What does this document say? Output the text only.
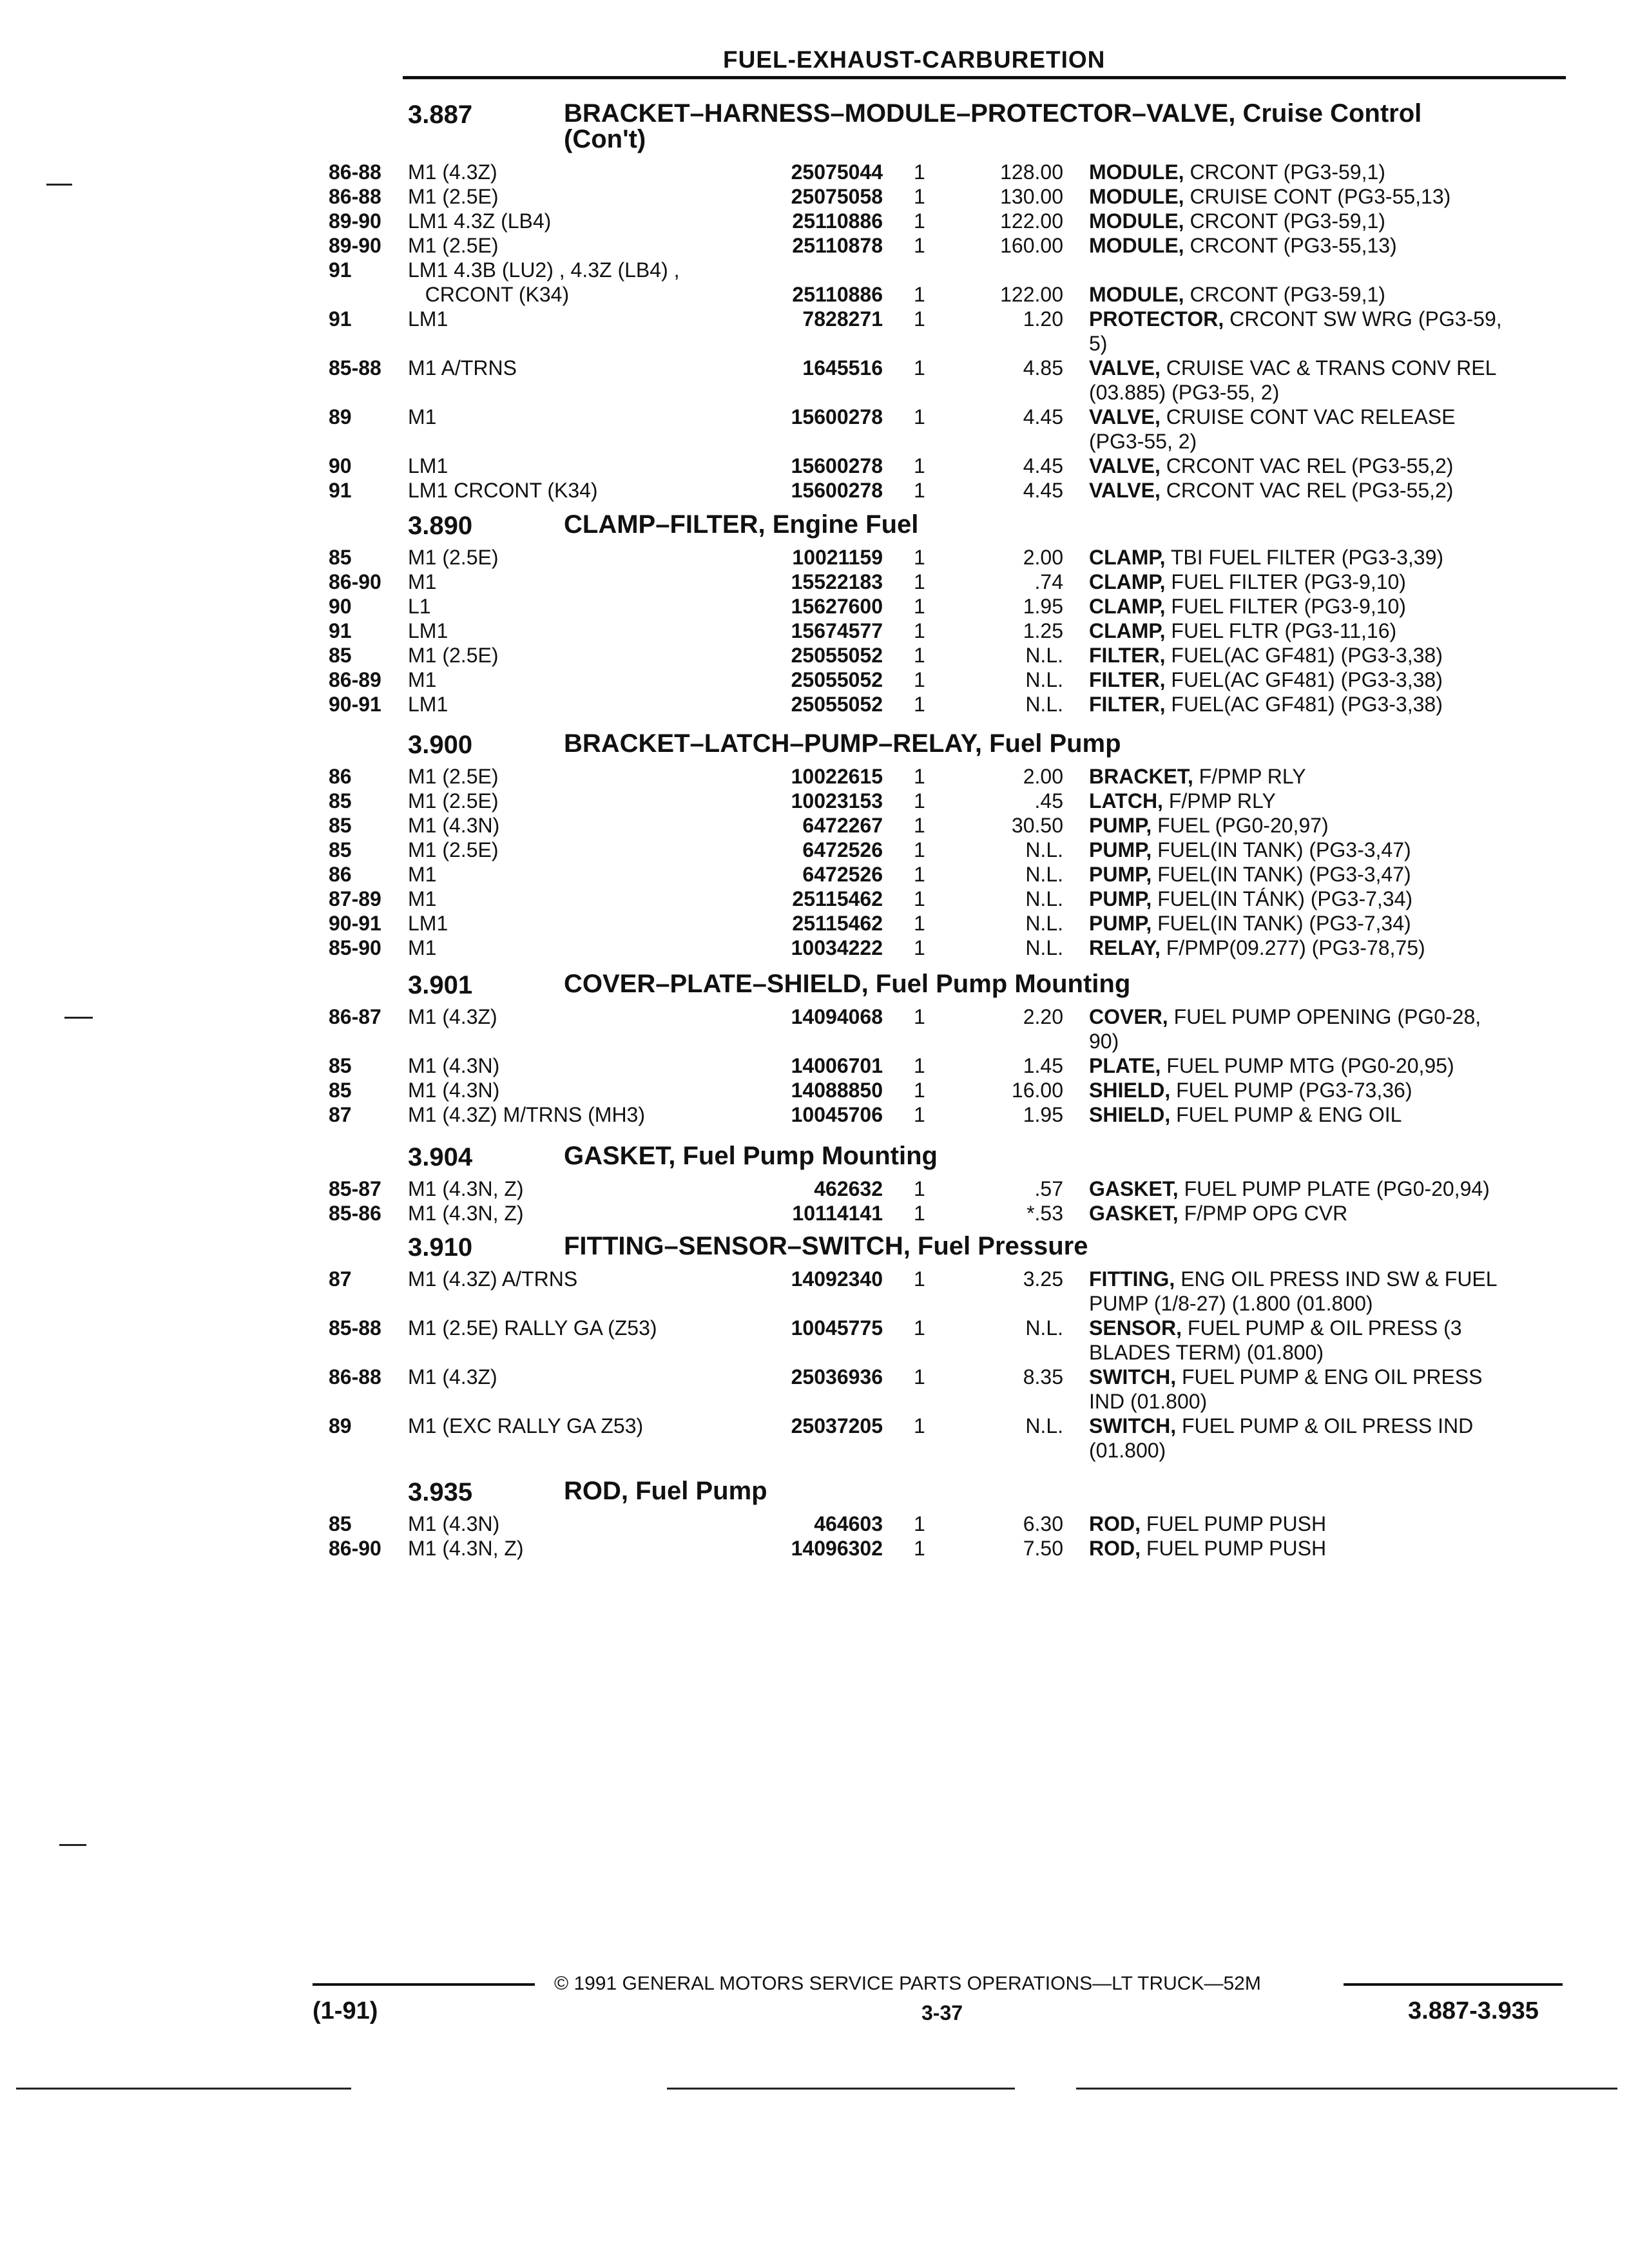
FUEL-EXHAUST-CARBURETION
3.887	BRACKET–HARNESS–MODULE–PROTECTOR–VALVE, Cruise Control
(Con't)
86-88 M1 (4.3Z)	25075044 1	128.00 MODULE, CRCONT (PG3-59,1)
86-88 M1 (2.5E)	25075058 1	130.00 MODULE, CRUISE CONT (PG3-55,13)
89-90 LM1 4.3Z (LB4)	25110886 1	122.00 MODULE, CRCONT (PG3-59,1)
89-90 M1 (2.5E)	25110878 1	160.00 MODULE, CRCONT (PG3-55,13)
91	LM1 4.3B (LU2) , 4.3Z (LB4) ,
CRCONT (K34)	25110886 1	122.00 MODULE, CRCONT (PG3-59,1)
91	LM1	7828271 1	1.20 PROTECTOR, CRCONT SW WRG (PG3-59,
5)
85-88 M1 A/TRNS	1645516 1	4.85 VALVE, CRUISE VAC & TRANS CONV REL
(03.885) (PG3-55, 2)
89	M1	15600278 1	4.45 VALVE, CRUISE CONT VAC RELEASE
(PG3-55, 2)
90	LM1	15600278 1	4.45 VALVE, CRCONT VAC REL (PG3-55,2)
91	LM1 CRCONT (K34)	15600278 1	4.45 VALVE, CRCONT VAC REL (PG3-55,2)
3.890	CLAMP–FILTER, Engine Fuel
85	M1 (2.5E)	10021159 1	2.00 CLAMP, TBI FUEL FILTER (PG3-3,39)
86-90 M1	15522183 1	.74 CLAMP, FUEL FILTER (PG3-9,10)
90	L1	15627600 1	1.95 CLAMP, FUEL FILTER (PG3-9,10)
91	LM1	15674577 1	1.25 CLAMP, FUEL FLTR (PG3-11,16)
85	M1 (2.5E)	25055052 1	N.L. FILTER, FUEL(AC GF481) (PG3-3,38)
86-89 M1	25055052 1	N.L. FILTER, FUEL(AC GF481) (PG3-3,38)
90-91 LM1	25055052 1	N.L. FILTER, FUEL(AC GF481) (PG3-3,38)
3.900	BRACKET–LATCH–PUMP–RELAY, Fuel Pump
86	M1 (2.5E)	10022615 1	2.00 BRACKET, F/PMP RLY
85	M1 (2.5E)	10023153 1	.45 LATCH, F/PMP RLY
85	M1 (4.3N)	6472267 1	30.50 PUMP, FUEL (PG0-20,97)
85	M1 (2.5E)	6472526 1	N.L. PUMP, FUEL(IN TANK) (PG3-3,47)
86	M1	6472526 1	N.L. PUMP, FUEL(IN TANK) (PG3-3,47)
87-89 M1	25115462 1	N.L. PUMP, FUEL(IN TÁNK) (PG3-7,34)
90-91 LM1	25115462 1	N.L. PUMP, FUEL(IN TANK) (PG3-7,34)
85-90 M1	10034222 1	N.L. RELAY, F/PMP(09.277) (PG3-78,75)
3.901	COVER–PLATE–SHIELD, Fuel Pump Mounting
86-87 M1 (4.3Z)	14094068 1	2.20 COVER, FUEL PUMP OPENING (PG0-28,
90)
85	M1 (4.3N)	14006701 1	1.45 PLATE, FUEL PUMP MTG (PG0-20,95)
85	M1 (4.3N)	14088850 1	16.00 SHIELD, FUEL PUMP (PG3-73,36)
87	M1 (4.3Z) M/TRNS (MH3)	10045706 1	1.95 SHIELD, FUEL PUMP & ENG OIL
3.904	GASKET, Fuel Pump Mounting
85-87 M1 (4.3N, Z)	462632 1	.57 GASKET, FUEL PUMP PLATE (PG0-20,94)
85-86 M1 (4.3N, Z)	10114141 1	*.53 GASKET, F/PMP OPG CVR
3.910	FITTING–SENSOR–SWITCH, Fuel Pressure
87	M1 (4.3Z) A/TRNS	14092340 1	3.25 FITTING, ENG OIL PRESS IND SW & FUEL
PUMP (1/8-27) (1.800 (01.800)
85-88 M1 (2.5E) RALLY GA (Z53)	10045775 1	N.L. SENSOR, FUEL PUMP & OIL PRESS (3
BLADES TERM) (01.800)
86-88 M1 (4.3Z)	25036936 1	8.35 SWITCH, FUEL PUMP & ENG OIL PRESS
IND (01.800)
89	M1 (EXC RALLY GA Z53)	25037205 1	N.L. SWITCH, FUEL PUMP & OIL PRESS IND
(01.800)
3.935	ROD, Fuel Pump
85	M1 (4.3N)	464603 1	6.30 ROD, FUEL PUMP PUSH
86-90 M1 (4.3N, Z)	14096302 1	7.50 ROD, FUEL PUMP PUSH
© 1991 GENERAL MOTORS SERVICE PARTS OPERATIONS—LT TRUCK—52M
(1-91)	3-37	3.887-3.935
